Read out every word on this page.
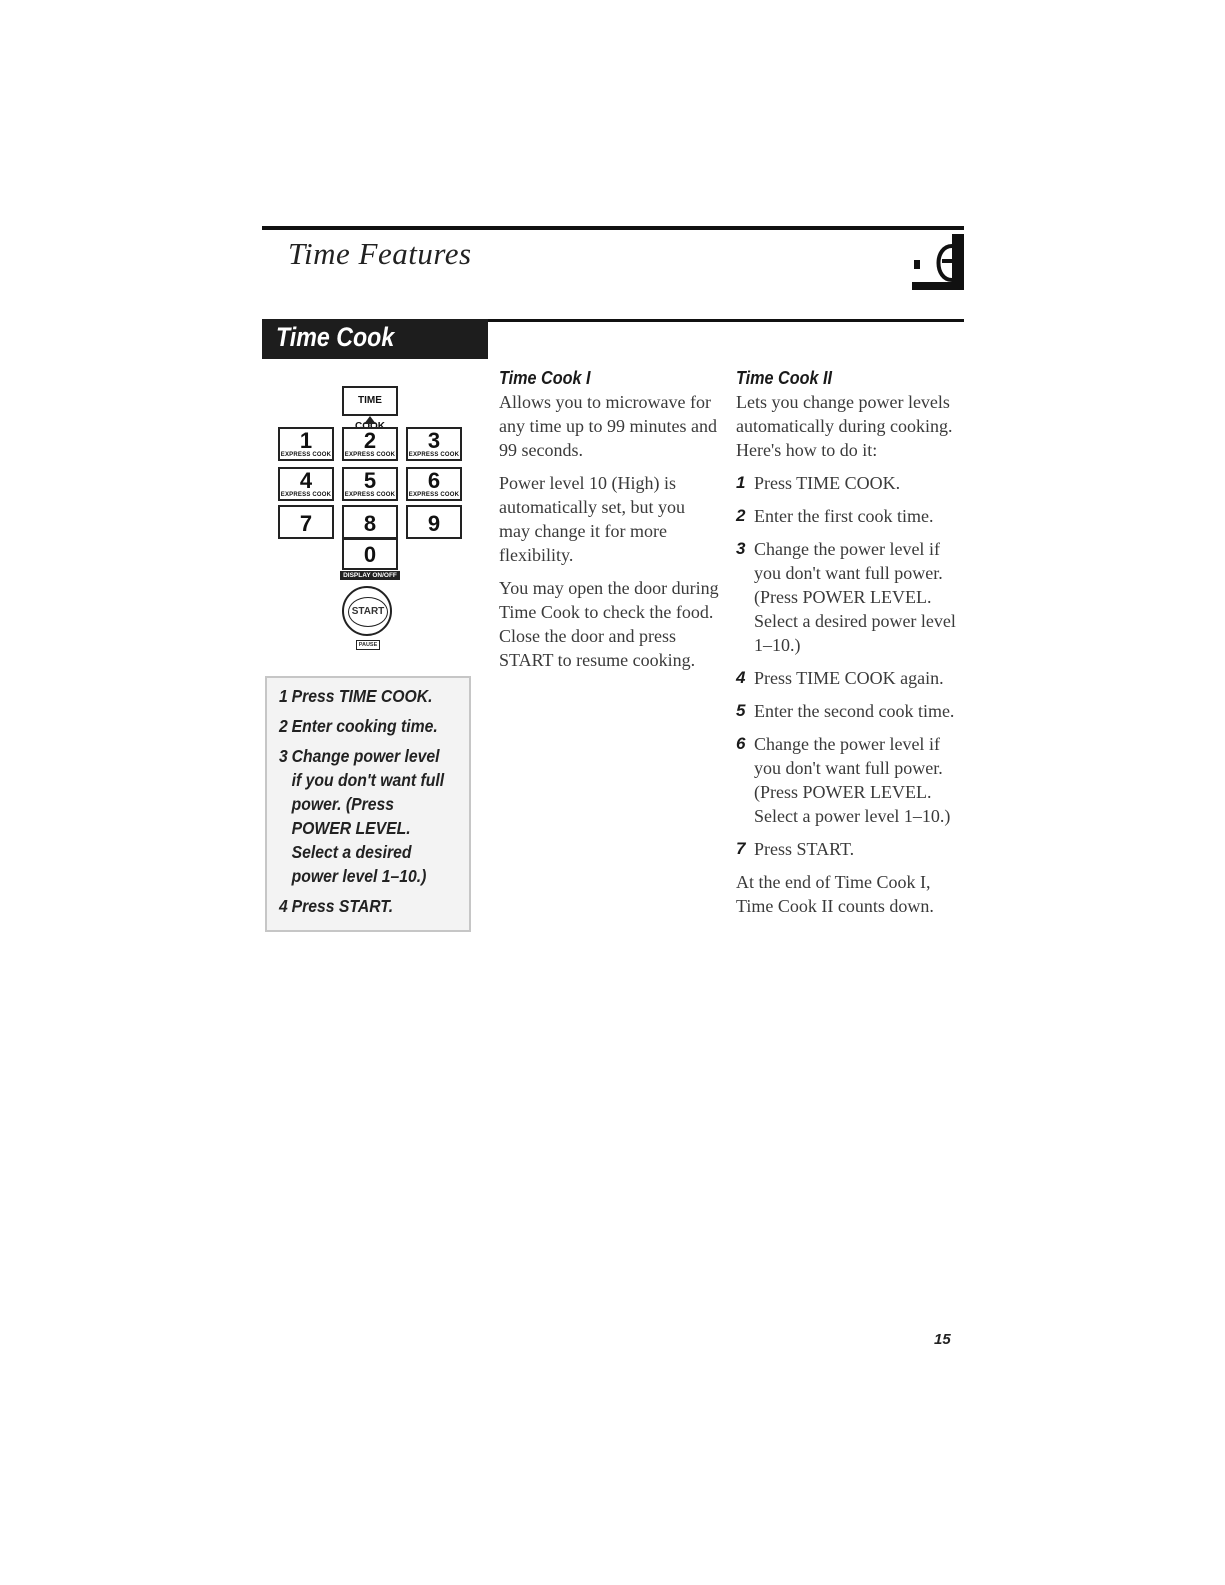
Time Features
Time Cook
TIME
1
EXPRESS COOK
2
EXPRESS COOK
3
EXPRESS COOK
4
EXPRESS COOK
5
EXPRESS COOK
6
EXPRESS COOK
7	8	9
0
DISPLAY ON/OFF
START
PAUSE
1 Press TIME COOK.
2 Enter cooking time.
3 Change power level if you don't want full power. (Press POWER LEVEL. Select a desired power level 1–10.)
4 Press START.
Time Cook I

Allows you to microwave for any time up to 99 minutes and 99 seconds.

Power level 10 (High) is automatically set, but you may change it for more flexibility.

You may open the door during Time Cook to check the food. Close the door and press START to resume cooking.

Time Cook II

Lets you change power levels automatically during cooking. Here's how to do it:

1 Press TIME COOK.
2 Enter the first cook time.
3 Change the power level if you don't want full power. (Press POWER LEVEL. Select a desired power level 1–10.)
4 Press TIME COOK again.
5 Enter the second cook time.
6 Change the power level if you don't want full power. (Press POWER LEVEL. Select a power level 1–10.)
7 Press START.

At the end of Time Cook I, Time Cook II counts down.

15
